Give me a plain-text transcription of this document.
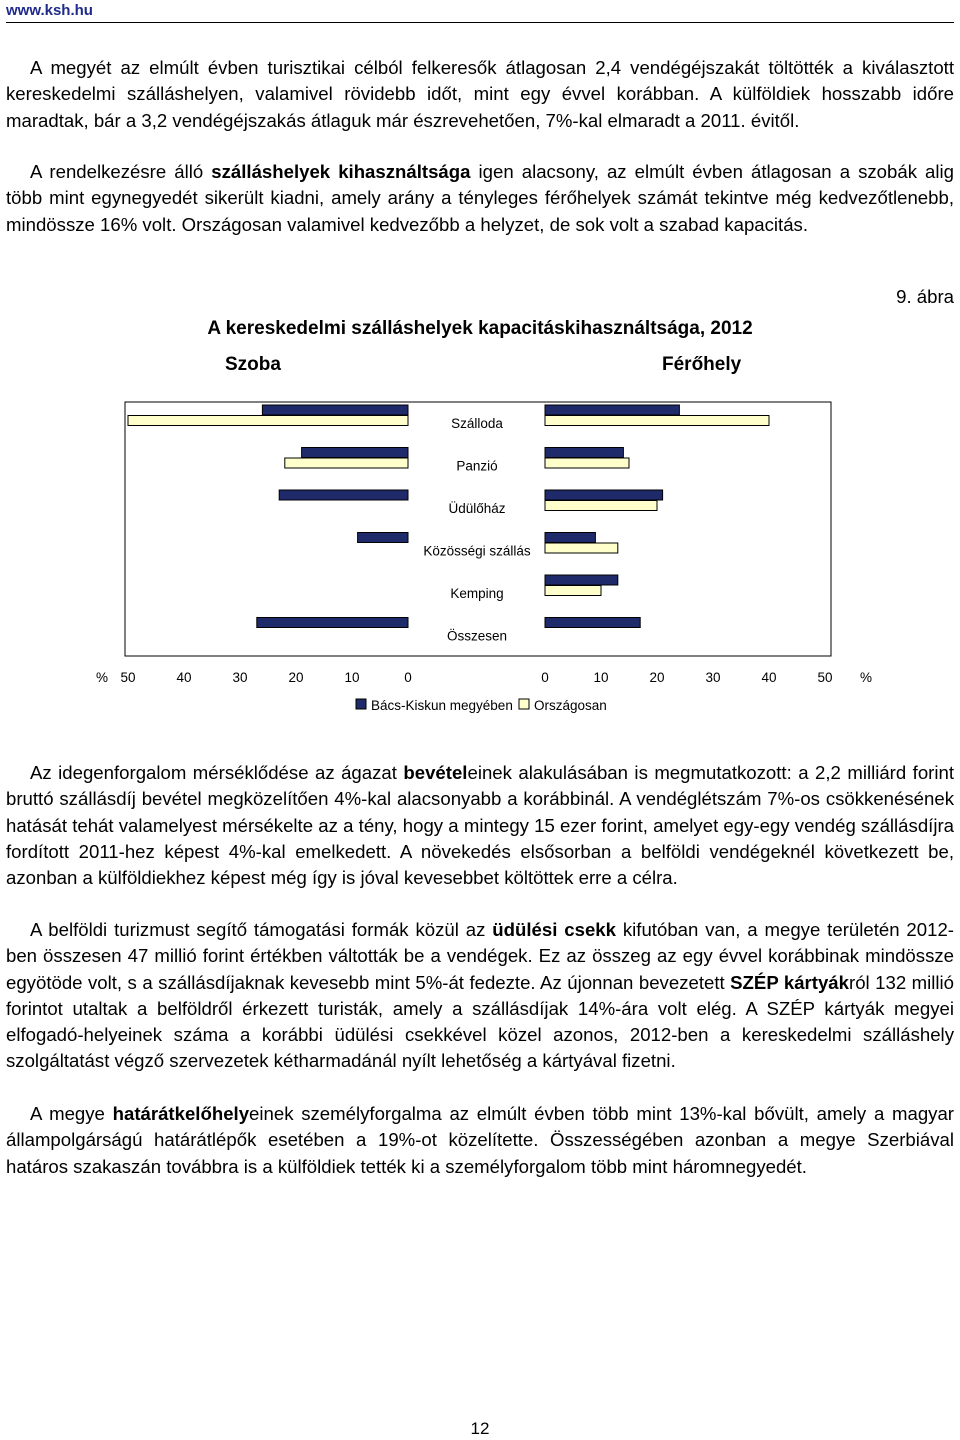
www.ksh.hu

A megyét az elmúlt évben turisztikai célból felkeresők átlagosan 2,4 vendégéjszakát töltötték a kiválasztott kereskedelmi szálláshelyen, valamivel rövidebb időt, mint egy évvel korábban. A külföldiek hosszabb időre maradtak, bár a 3,2 vendégéjszakás átlaguk már észrevehetően, 7%-kal elmaradt a 2011. évitől.

A rendelkezésre álló szálláshelyek kihasználtsága igen alacsony, az elmúlt évben átlagosan a szobák alig több mint egynegyedét sikerült kiadni, amely arány a tényleges férőhelyek számát tekintve még kedvezőtlenebb, mindössze 16% volt. Országosan valamivel kedvezőbb a helyzet, de sok volt a szabad kapacitás.

9. ábra
A kereskedelmi szálláshelyek kapacitáskihasználtsága, 2012
Szoba	Férőhely
Szálloda
Panzió
Üdülőház
Közösségi szállás
Kemping
Összesen
50	40	30	20	10	0	0	10	20	30	40	50
%	%
Bács-Kiskun megyében Országosan

Az idegenforgalom mérséklődése az ágazat bevételeinek alakulásában is megmutatkozott: a 2,2 milliárd forint bruttó szállásdíj bevétel megközelítően 4%-kal alacsonyabb a korábbinál. A vendéglétszám 7%-os csökkenésének hatását tehát valamelyest mérsékelte az a tény, hogy a mintegy 15 ezer forint, amelyet egy-egy vendég szállásdíjra fordított 2011-hez képest 4%-kal emelkedett. A növekedés elsősorban a belföldi vendégeknél következett be, azonban a külföldiekhez képest még így is jóval kevesebbet költöttek erre a célra.

A belföldi turizmust segítő támogatási formák közül az üdülési csekk kifutóban van, a megye területén 2012-ben összesen 47 millió forint értékben váltották be a vendégek. Ez az összeg az egy évvel korábbinak mindössze egyötöde volt, s a szállásdíjaknak kevesebb mint 5%-át fedezte. Az újonnan bevezetett SZÉP kártyákról 132 millió forintot utaltak a belföldről érkezett turisták, amely a szállásdíjak 14%-ára volt elég. A SZÉP kártyák megyei elfogadó-helyeinek száma a korábbi üdülési csekkével közel azonos, 2012-ben a kereskedelmi szálláshely szolgáltatást végző szervezetek kétharmadánál nyílt lehetőség a kártyával fizetni.

A megye határátkelőhelyeinek személyforgalma az elmúlt évben több mint 13%-kal bővült, amely a magyar állampolgárságú határátlépők esetében a 19%-ot közelítette. Összességében azonban a megye Szerbiával határos szakaszán továbbra is a külföldiek tették ki a személyforgalom több mint háromnegyedét.

12
